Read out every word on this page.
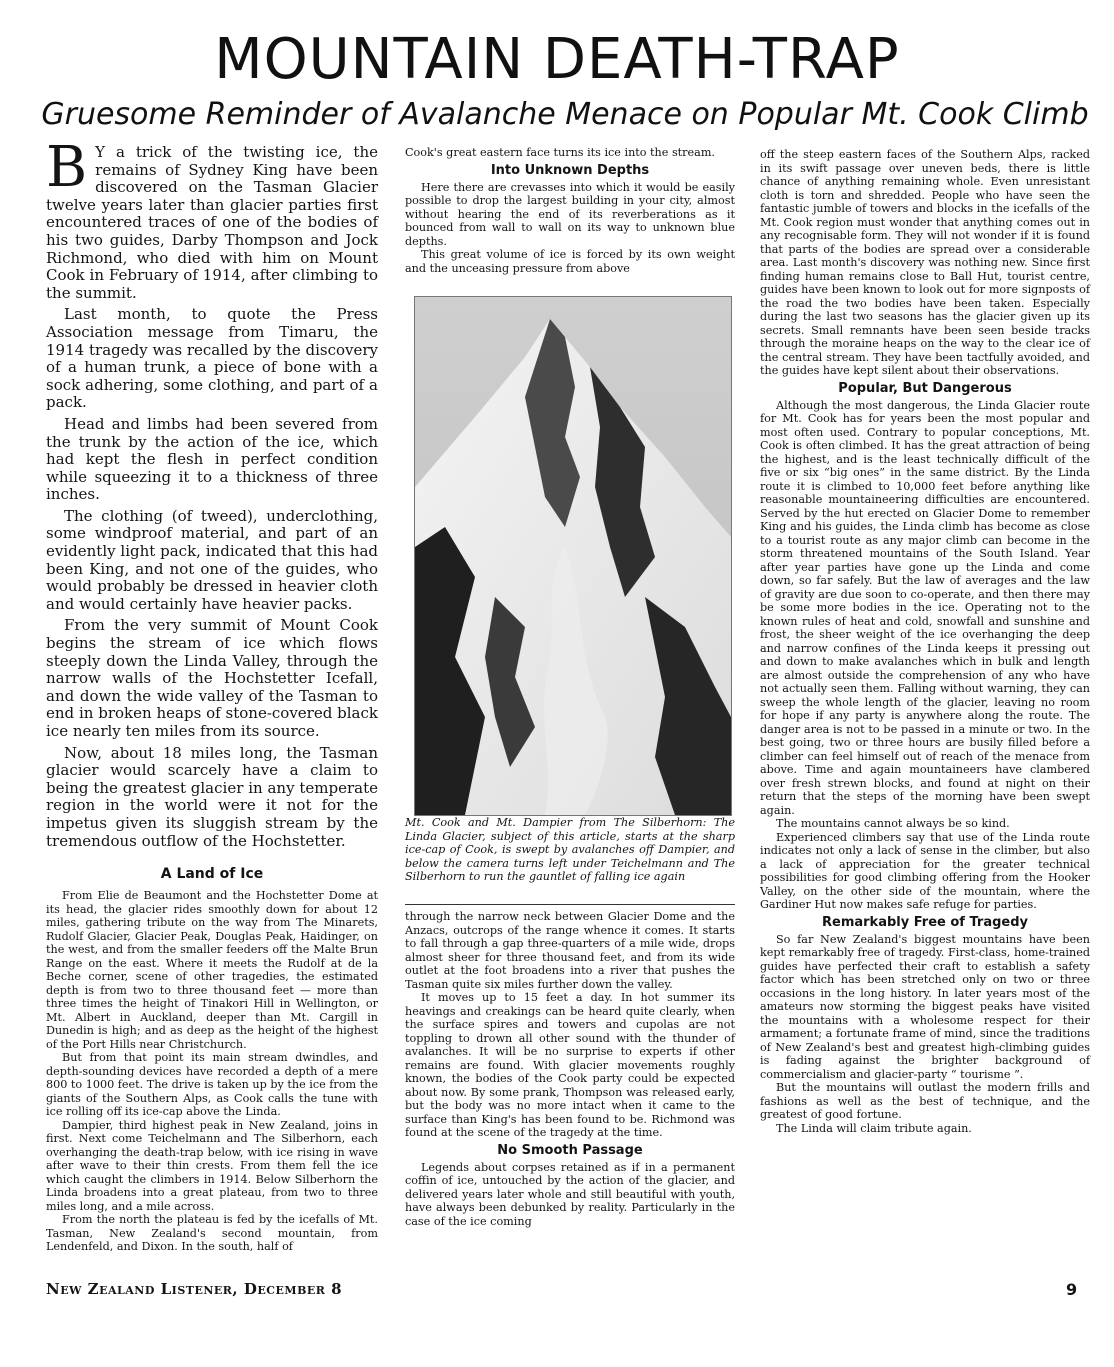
MOUNTAIN DEATH-TRAP
Gruesome Reminder of Avalanche Menace on Popular Mt. Cook Climb

B Y a trick of the twisting ice, the remains of Sydney King have been discovered on the Tasman Glacier twelve years later than glacier parties first encountered traces of one of the bodies of his two guides, Darby Thompson and Jock Richmond, who died with him on Mount Cook in February of 1914, after climbing to the summit.

Last month, to quote the Press Association message from Timaru, the 1914 tragedy was recalled by the discovery of a human trunk, a piece of bone with a sock adhering, some clothing, and part of a pack.

Head and limbs had been severed from the trunk by the action of the ice, which had kept the flesh in perfect condition while squeezing it to a thickness of three inches.

The clothing (of tweed), underclothing, some windproof material, and part of an evidently light pack, indicated that this had been King, and not one of the guides, who would probably be dressed in heavier cloth and would certainly have heavier packs.

From the very summit of Mount Cook begins the stream of ice which flows steeply down the Linda Valley, through the narrow walls of the Hochstetter Icefall, and down the wide valley of the Tasman to end in broken heaps of stone-covered black ice nearly ten miles from its source.

Now, about 18 miles long, the Tasman glacier would scarcely have a claim to being the greatest glacier in any temperate region in the world were it not for the impetus given its sluggish stream by the tremendous outflow of the Hochstetter.

A Land of Ice

From Elie de Beaumont and the Hochstetter Dome at its head, the glacier rides smoothly down for about 12 miles, gathering tribute on the way from The Minarets, Rudolf Glacier, Glacier Peak, Douglas Peak, Haidinger, on the west, and from the smaller feeders off the Malte Brun Range on the east. Where it meets the Rudolf at de la Beche corner, scene of other tragedies, the estimated depth is from two to three thousand feet — more than three times the height of Tinakori Hill in Wellington, or Mt. Albert in Auckland, deeper than Mt. Cargill in Dunedin is high; and as deep as the height of the highest of the Port Hills near Christchurch.

But from that point its main stream dwindles, and depth-sounding devices have recorded a depth of a mere 800 to 1000 feet. The drive is taken up by the ice from the giants of the Southern Alps, as Cook calls the tune with ice rolling off its ice-cap above the Linda.

Dampier, third highest peak in New Zealand, joins in first. Next come Teichelmann and The Silberhorn, each overhanging the death-trap below, with ice rising in wave after wave to their thin crests. From them fell the ice which caught the climbers in 1914. Below Silberhorn the Linda broadens into a great plateau, from two to three miles long, and a mile across.

From the north the plateau is fed by the icefalls of Mt. Tasman, New Zealand's second mountain, from Lendenfeld, and Dixon. In the south, half of

Cook's great eastern face turns its ice into the stream.

Into Unknown Depths

Here there are crevasses into which it would be easily possible to drop the largest building in your city, almost without hearing the end of its reverberations as it bounced from wall to wall on its way to unknown blue depths.

This great volume of ice is forced by its own weight and the unceasing pressure from above

Mt. Cook and Mt. Dampier from The Silberhorn: The Linda Glacier, subject of this article, starts at the sharp ice-cap of Cook, is swept by avalanches off Dampier, and below the camera turns left under Teichelmann and The Silberhorn to run the gauntlet of falling ice again

through the narrow neck between Glacier Dome and the Anzacs, outcrops of the range whence it comes. It starts to fall through a gap three-quarters of a mile wide, drops almost sheer for three thousand feet, and from its wide outlet at the foot broadens into a river that pushes the Tasman quite six miles further down the valley.

It moves up to 15 feet a day. In hot summer its heavings and creakings can be heard quite clearly, when the surface spires and towers and cupolas are not toppling to drown all other sound with the thunder of avalanches. It will be no surprise to experts if other remains are found. With glacier movements roughly known, the bodies of the Cook party could be expected about now. By some prank, Thompson was released early, but the body was no more intact when it came to the surface than King's has been found to be. Richmond was found at the scene of the tragedy at the time.

No Smooth Passage

Legends about corpses retained as if in a permanent coffin of ice, untouched by the action of the glacier, and delivered years later whole and still beautiful with youth, have always been debunked by reality. Particularly in the case of the ice coming

off the steep eastern faces of the Southern Alps, racked in its swift passage over uneven beds, there is little chance of anything remaining whole. Even unresistant cloth is torn and shredded. People who have seen the fantastic jumble of towers and blocks in the icefalls of the Mt. Cook region must wonder that anything comes out in any recognisable form. They will not wonder if it is found that parts of the bodies are spread over a considerable area. Last month's discovery was nothing new. Since first finding human remains close to Ball Hut, tourist centre, guides have been known to look out for more signposts of the road the two bodies have been taken. Especially during the last two seasons has the glacier given up its secrets. Small remnants have been seen beside tracks through the moraine heaps on the way to the clear ice of the central stream. They have been tactfully avoided, and the guides have kept silent about their observations.

Popular, But Dangerous

Although the most dangerous, the Linda Glacier route for Mt. Cook has for years been the most popular and most often used. Contrary to popular conceptions, Mt. Cook is often climbed. It has the great attraction of being the highest, and is the least technically difficult of the five or six “big ones” in the same district. By the Linda route it is climbed to 10,000 feet before anything like reasonable mountaineering difficulties are encountered. Served by the hut erected on Glacier Dome to remember King and his guides, the Linda climb has become as close to a tourist route as any major climb can become in the storm threatened mountains of the South Island. Year after year parties have gone up the Linda and come down, so far safely. But the law of averages and the law of gravity are due soon to co-operate, and then there may be some more bodies in the ice. Operating not to the known rules of heat and cold, snowfall and sunshine and frost, the sheer weight of the ice overhanging the deep and narrow confines of the Linda keeps it pressing out and down to make avalanches which in bulk and length are almost outside the comprehension of any who have not actually seen them. Falling without warning, they can sweep the whole length of the glacier, leaving no room for hope if any party is anywhere along the route. The danger area is not to be passed in a minute or two. In the best going, two or three hours are busily filled before a climber can feel himself out of reach of the menace from above. Time and again mountaineers have clambered over fresh strewn blocks, and found at night on their return that the steps of the morning have been swept again.

The mountains cannot always be so kind.

Experienced climbers say that use of the Linda route indicates not only a lack of sense in the climber, but also a lack of appreciation for the greater technical possibilities for good climbing offering from the Hooker Valley, on the other side of the mountain, where the Gardiner Hut now makes safe refuge for parties.

Remarkably Free of Tragedy

So far New Zealand's biggest mountains have been kept remarkably free of tragedy. First-class, home-trained guides have perfected their craft to establish a safety factor which has been stretched only on two or three occasions in the long history. In later years most of the amateurs now storming the biggest peaks have visited the mountains with a wholesome respect for their armament; a fortunate frame of mind, since the traditions of New Zealand's best and greatest high-climbing guides is fading against the brighter background of commercialism and glacier-party “ tourisme ”.

But the mountains will outlast the modern frills and fashions as well as the best of technique, and the greatest of good fortune.

The Linda will claim tribute again.

New Zealand Listener, December 8	9
